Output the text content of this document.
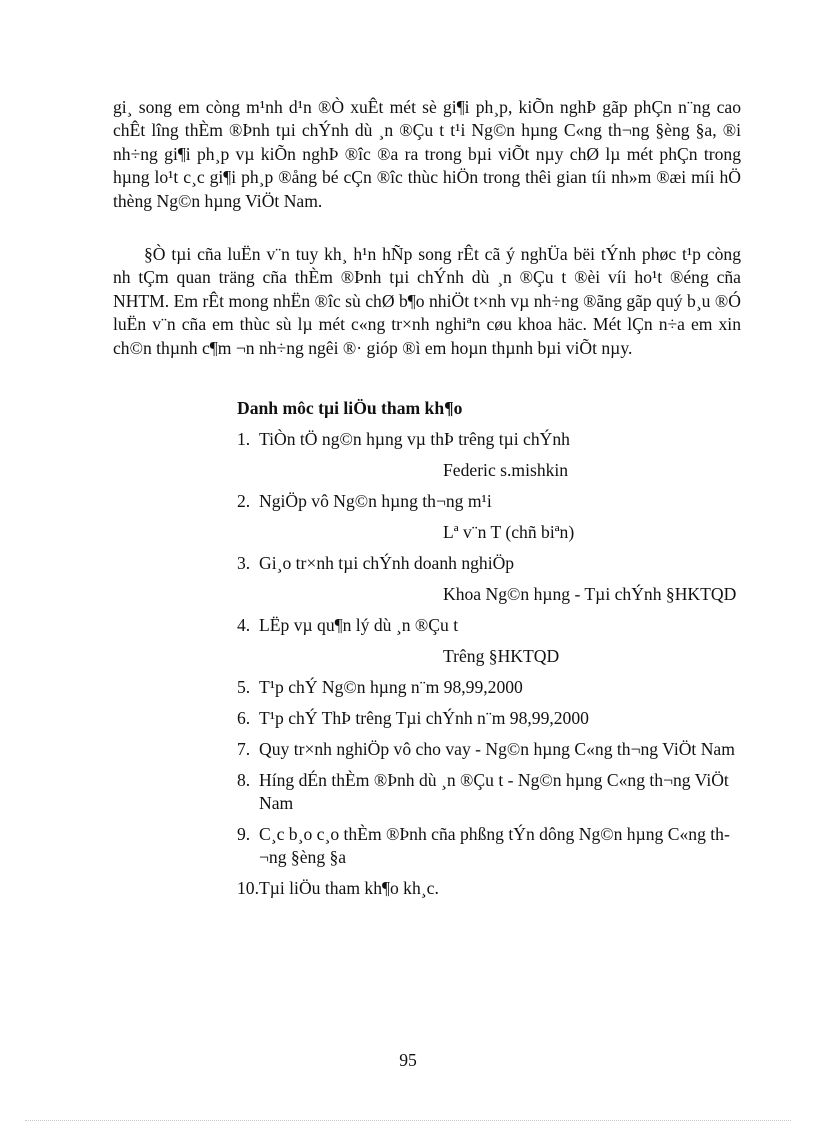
gi¸ song em còng m¹nh d¹n ®Ò xuÊt mét sè gi¶i ph¸p, kiÕn nghÞ gãp phÇn n¨ng cao chÊt lîng thÈm ®Þnh tµi chÝnh dù ¸n ®Çu t t¹i Ng©n hµng C«ng th¬ng §èng §a, ®i nh÷ng gi¶i ph¸p vµ kiÕn nghÞ ®îc ®a ra trong bµi viÕt nµy chØ lµ mét phÇn trong hµng lo¹t c¸c gi¶i ph¸p ®ång bé cÇn ®îc thùc hiÖn trong thêi gian tíi nh»m ®æi míi hÖ thèng Ng©n hµng ViÖt Nam.

§Ò tµi cña luËn v¨n tuy kh¸ h¹n hÑp song rÊt cã ý nghÜa bëi tÝnh phøc t¹p còng nh tÇm quan träng cña thÈm ®Þnh tµi chÝnh dù ¸n ®Çu t ®èi víi ho¹t ®éng cña NHTM. Em rÊt mong nhËn ®îc sù chØ b¶o nhiÖt t×nh vµ nh÷ng ®ãng gãp quý b¸u ®Ó luËn v¨n cña em thùc sù lµ mét c«ng tr×nh nghiªn cøu khoa häc. Mét lÇn n÷a em xin ch©n thµnh c¶m ¬n nh÷ng ngêi ®· gióp ®ì em hoµn thµnh bµi viÕt nµy.

Danh môc tµi liÖu tham kh¶o

1. TiÒn tÖ ng©n hµng vµ thÞ trêng tµi chÝnh
Federic s.mishkin
2. NgiÖp vô Ng©n hµng th¬ng m¹i
Lª v¨n T (chñ biªn)
3. Gi¸o tr×nh tµi chÝnh doanh nghiÖp
Khoa Ng©n hµng - Tµi chÝnh §HKTQD
4. LËp vµ qu¶n lý dù ¸n ®Çu t
Trêng §HKTQD
5. T¹p chÝ Ng©n hµng n¨m 98,99,2000
6. T¹p chÝ ThÞ trêng Tµi chÝnh n¨m 98,99,2000
7. Quy tr×nh nghiÖp vô cho vay - Ng©n hµng C«ng th¬ng ViÖt Nam
8. Híng dÉn thÈm ®Þnh dù ¸n ®Çu t - Ng©n hµng C«ng th¬ng ViÖt Nam
9. C¸c b¸o c¸o thÈm ®Þnh cña phßng tÝn dông Ng©n hµng C«ng th¬ng §èng §a
10.Tµi liÖu tham kh¶o kh¸c.

95
